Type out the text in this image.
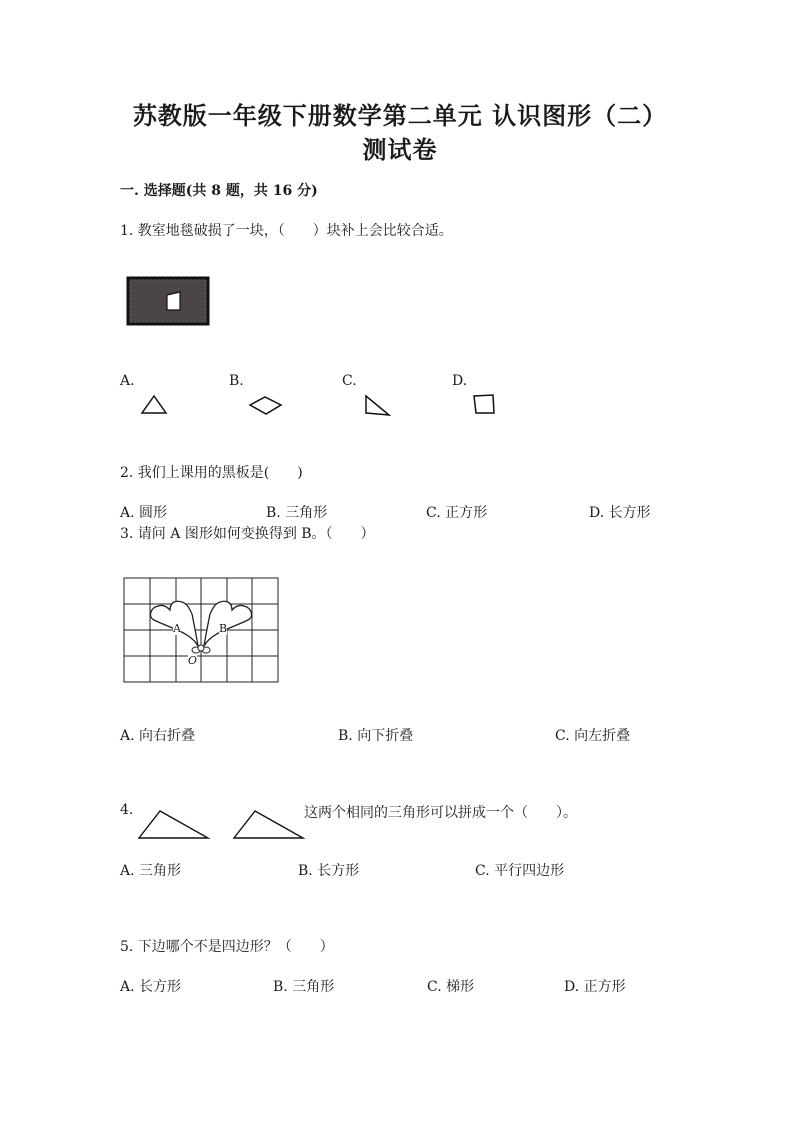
苏教版一年级下册数学第二单元 认识图形（二）
测试卷
一. 选择题(共 8 题，共 16 分)
1. 教室地毯破损了一块，（　　）块补上会比较合适。
A.	B.	C.	D.
2. 我们上课用的黑板是(　　)
A. 圆形	B. 三角形	C. 正方形	D. 长方形
3. 请问 A 图形如何变换得到 B。（　　）
A	B
O
A. 向右折叠	B. 向下折叠	C. 向左折叠
4.	这两个相同的三角形可以拼成一个（　　）。
A. 三角形	B. 长方形	C. 平行四边形
5. 下边哪个不是四边形？（　　）
A. 长方形	B. 三角形	C. 梯形	D. 正方形
